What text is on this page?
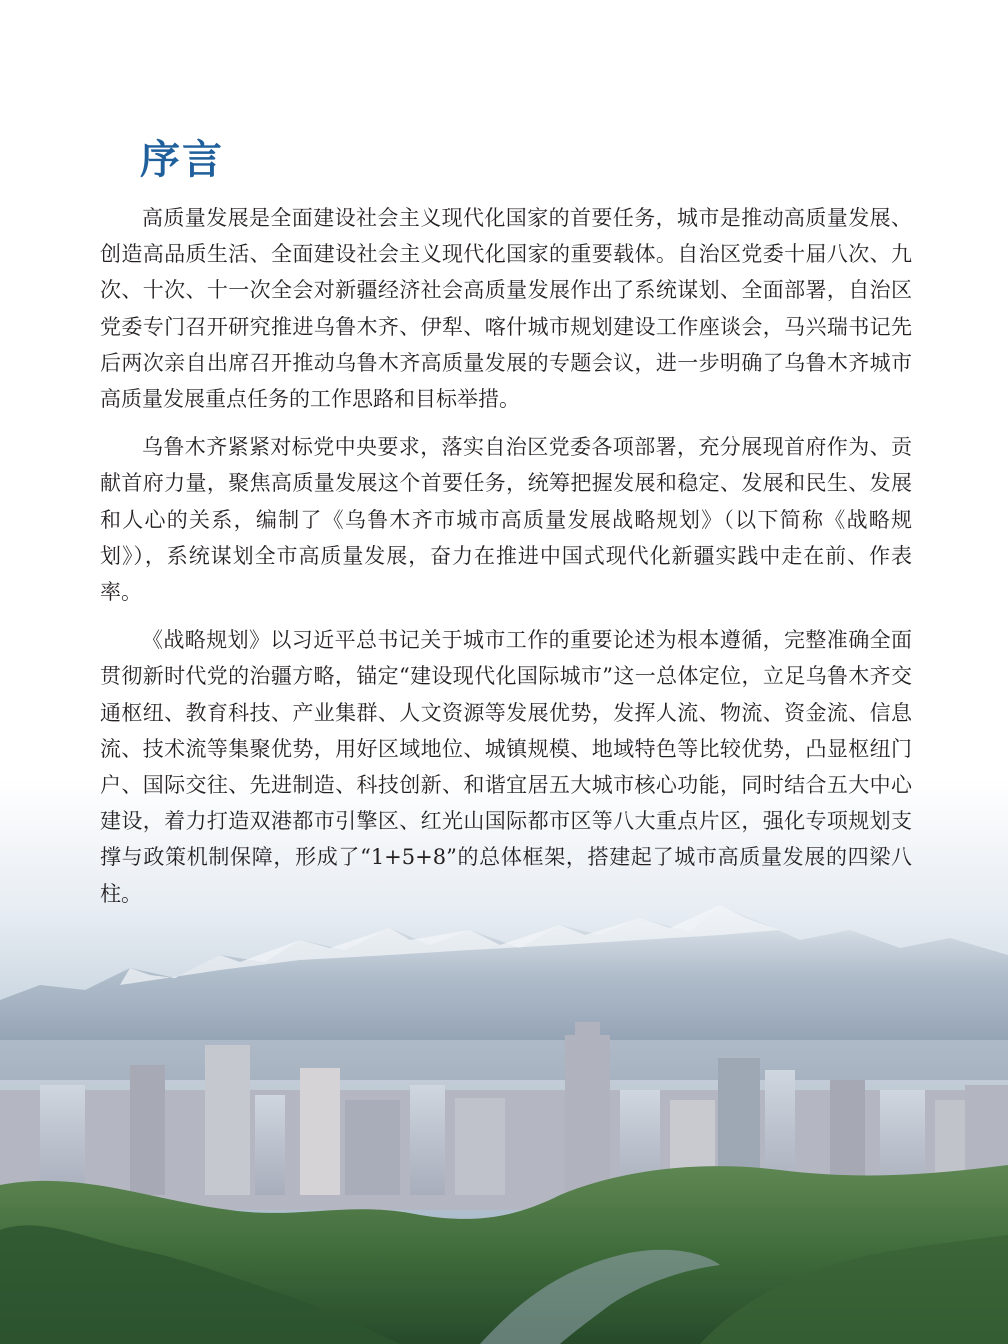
序言

高质量发展是全面建设社会主义现代化国家的首要任务，城市是推动高质量发展、创造高品质生活、全面建设社会主义现代化国家的重要载体。自治区党委十届八次、九次、十次、十一次全会对新疆经济社会高质量发展作出了系统谋划、全面部署，自治区党委专门召开研究推进乌鲁木齐、伊犁、喀什城市规划建设工作座谈会，马兴瑞书记先后两次亲自出席召开推动乌鲁木齐高质量发展的专题会议，进一步明确了乌鲁木齐城市高质量发展重点任务的工作思路和目标举措。

乌鲁木齐紧紧对标党中央要求，落实自治区党委各项部署，充分展现首府作为、贡献首府力量，聚焦高质量发展这个首要任务，统筹把握发展和稳定、发展和民生、发展和人心的关系，编制了《乌鲁木齐市城市高质量发展战略规划》（以下简称《战略规划》），系统谋划全市高质量发展，奋力在推进中国式现代化新疆实践中走在前、作表率。

《战略规划》以习近平总书记关于城市工作的重要论述为根本遵循，完整准确全面贯彻新时代党的治疆方略，锚定“建设现代化国际城市”这一总体定位，立足乌鲁木齐交通枢纽、教育科技、产业集群、人文资源等发展优势，发挥人流、物流、资金流、信息流、技术流等集聚优势，用好区域地位、城镇规模、地域特色等比较优势，凸显枢纽门户、国际交往、先进制造、科技创新、和谐宜居五大城市核心功能，同时结合五大中心建设，着力打造双港都市引擎区、红光山国际都市区等八大重点片区，强化专项规划支撑与政策机制保障，形成了“1+5+8”的总体框架，搭建起了城市高质量发展的四梁八柱。
